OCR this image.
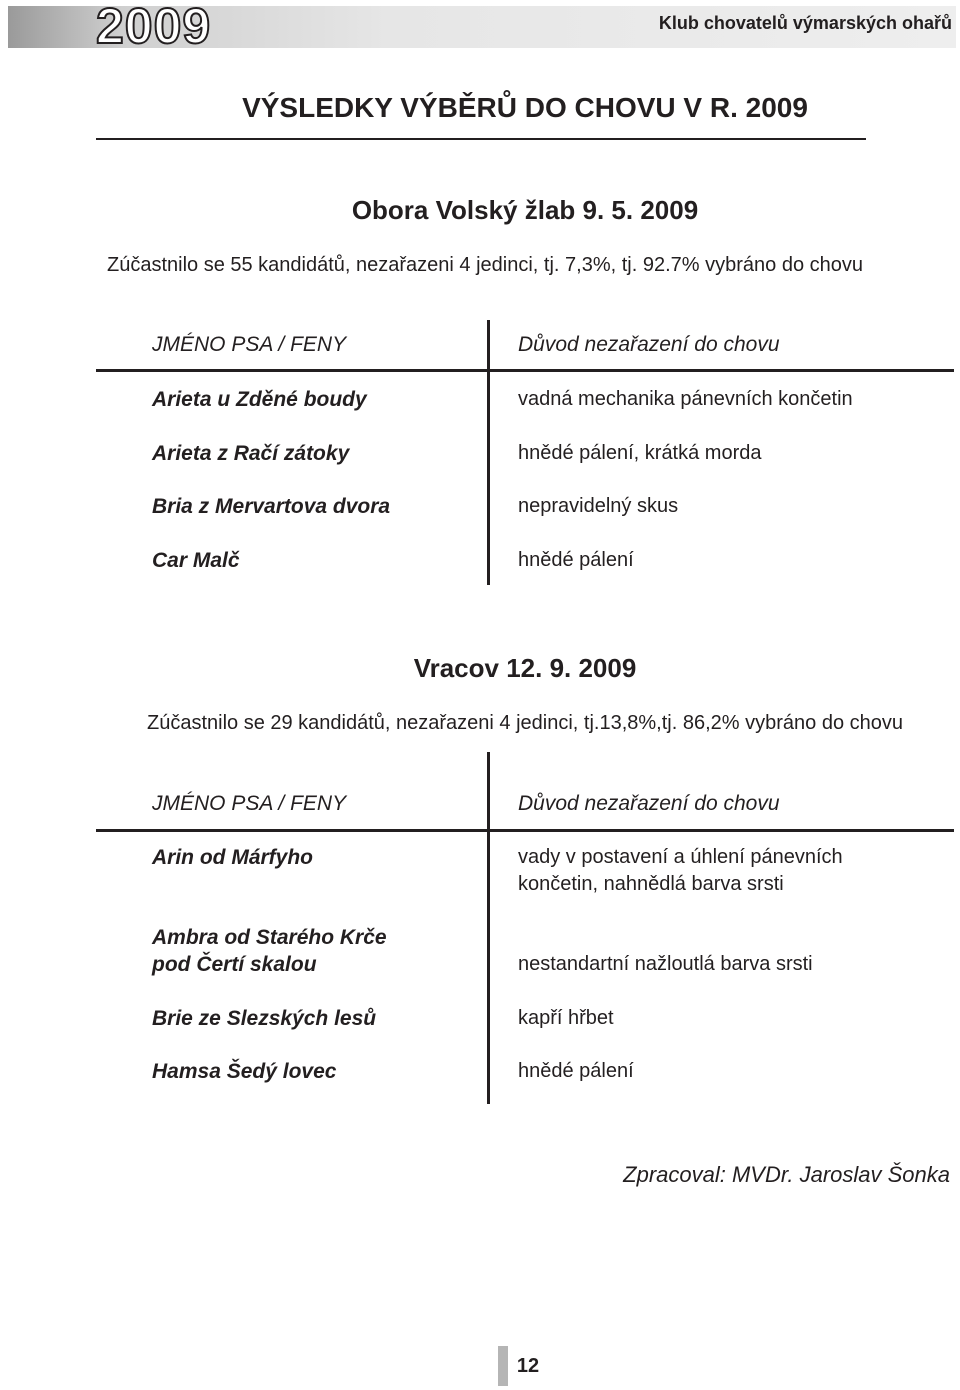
2009	Klub chovatelů výmarských ohařů
VÝSLEDKY VÝBĚRŮ DO CHOVU V R. 2009
Obora Volský žlab 9. 5. 2009
Zúčastnilo se 55 kandidátů, nezařazeni 4 jedinci, tj. 7,3%, tj. 92.7% vybráno do chovu
JMÉNO PSA / FENY	Důvod nezařazení do chovu
Arieta u Zděné boudy	vadná mechanika pánevních končetin
Arieta z Račí zátoky	hnědé pálení, krátká morda
Bria z Mervartova dvora	nepravidelný skus
Car Malč	hnědé pálení
Vracov 12. 9. 2009
Zúčastnilo se 29 kandidátů, nezařazeni 4 jedinci, tj.13,8%,tj. 86,2% vybráno do chovu
JMÉNO PSA / FENY	Důvod nezařazení do chovu
Arin od Márfyho	vady v postavení a úhlení pánevních končetin, nahnědlá barva srsti
Ambra od Starého Krče pod Čertí skalou	nestandartní nažloutlá barva srsti
Brie ze Slezských lesů	kapří hřbet
Hamsa Šedý lovec	hnědé pálení
Zpracoval: MVDr. Jaroslav Šonka
12
